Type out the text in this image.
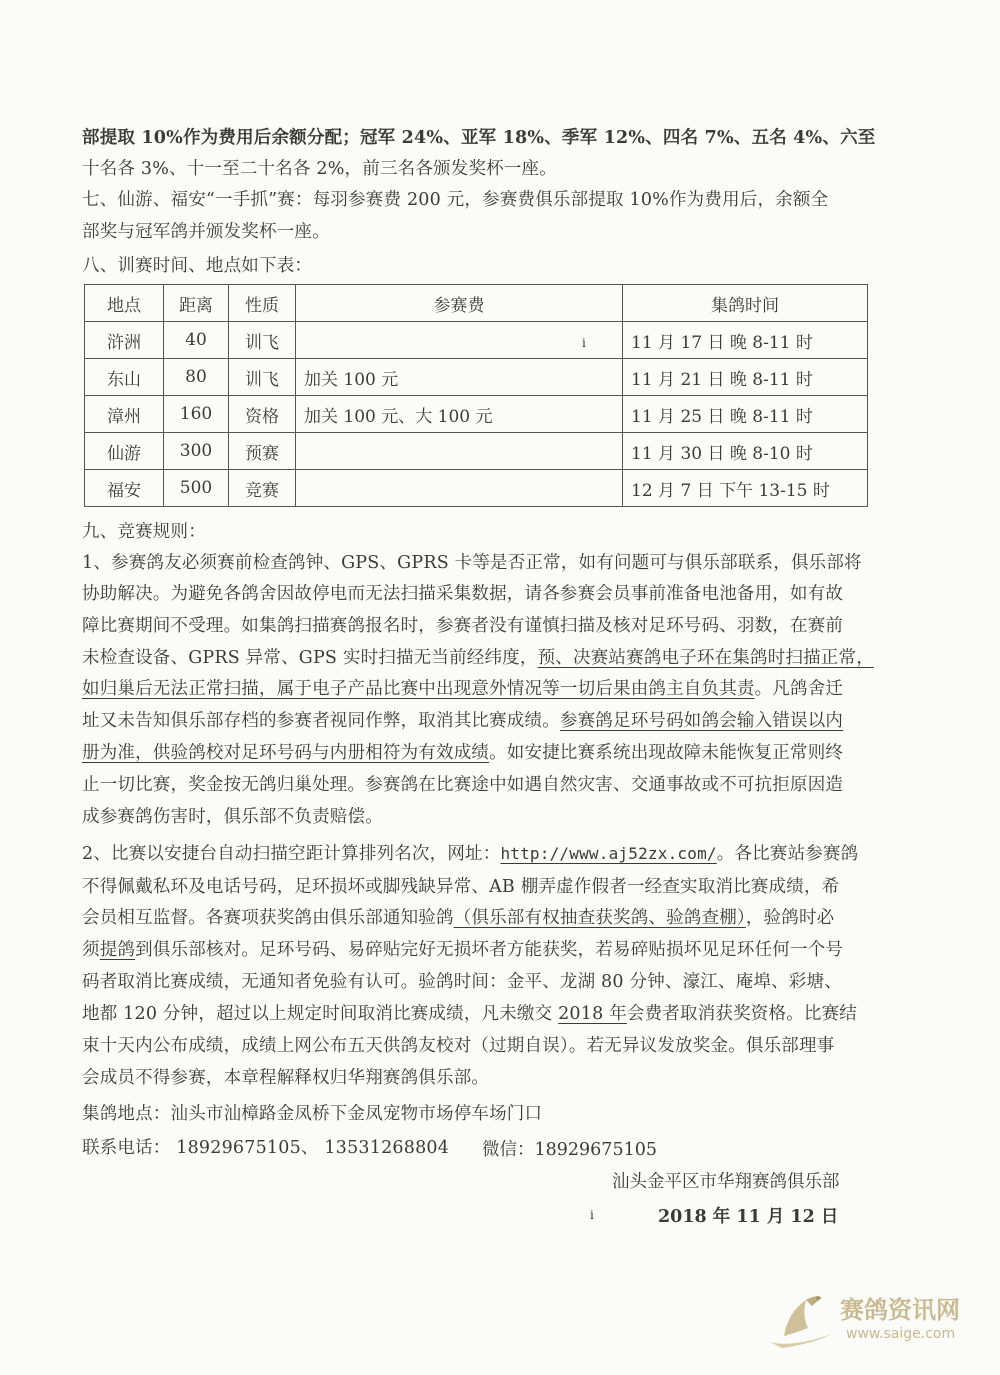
部提取 10%作为费用后余额分配；冠军 24%、亚军 18%、季军 12%、四名 7%、五名 4%、六至
十名各 3%、十一至二十名各 2%，前三名各颁发奖杯一座。
七、仙游、福安“一手抓”赛：每羽参赛费 200 元，参赛费俱乐部提取 10%作为费用后，余额全
部奖与冠军鸽并颁发奖杯一座。
八、训赛时间、地点如下表：
地点	距离	性质	参赛费	集鸽时间
浒洲	40	训飞		11 月 17 日 晚 8-11 时
东山	80	训飞	加关 100 元	11 月 21 日 晚 8-11 时
漳州	160	资格	加关 100 元、大 100 元	11 月 25 日 晚 8-11 时
仙游	300	预赛		11 月 30 日 晚 8-10 时
福安	500	竞赛		12 月 7 日 下午 13-15 时
ⅰ
九、竞赛规则：
1、参赛鸽友必须赛前检查鸽钟、GPS、GPRS 卡等是否正常，如有问题可与俱乐部联系，俱乐部将
协助解决。为避免各鸽舍因故停电而无法扫描采集数据，请各参赛会员事前准备电池备用，如有故
障比赛期间不受理。如集鸽扫描赛鸽报名时，参赛者没有谨慎扫描及核对足环号码、羽数，在赛前
未检查设备、GPRS 异常、GPS 实时扫描无当前经纬度，预、决赛站赛鸽电子环在集鸽时扫描正常，
如归巢后无法正常扫描，属于电子产品比赛中出现意外情况等一切后果由鸽主自负其责。凡鸽舍迁
址又未告知俱乐部存档的参赛者视同作弊，取消其比赛成绩。参赛鸽足环号码如鸽会输入错误以内
册为准，供验鸽校对足环号码与内册相符为有效成绩。如安捷比赛系统出现故障未能恢复正常则终
止一切比赛，奖金按无鸽归巢处理。参赛鸽在比赛途中如遇自然灾害、交通事故或不可抗拒原因造
成参赛鸽伤害时，俱乐部不负责赔偿。
2、比赛以安捷台自动扫描空距计算排列名次，网址：http://www.aj52zx.com/。各比赛站参赛鸽
不得佩戴私环及电话号码，足环损坏或脚残缺异常、AB 棚弄虚作假者一经查实取消比赛成绩，希
会员相互监督。各赛项获奖鸽由俱乐部通知验鸽（俱乐部有权抽查获奖鸽、验鸽查棚），验鸽时必
须提鸽到俱乐部核对。足环号码、易碎贴完好无损坏者方能获奖，若易碎贴损坏见足环任何一个号
码者取消比赛成绩，无通知者免验有认可。验鸽时间：金平、龙湖 80 分钟、濠江、庵埠、彩塘、
地都 120 分钟，超过以上规定时间取消比赛成绩，凡未缴交 2018 年会费者取消获奖资格。比赛结
束十天内公布成绩，成绩上网公布五天供鸽友校对（过期自误）。若无异议发放奖金。俱乐部理事
会成员不得参赛，本章程解释权归华翔赛鸽俱乐部。
集鸽地点：汕头市汕樟路金凤桥下金凤宠物市场停车场门口
联系电话： 18929675105、 13531268804 微信：18929675105
汕头金平区市华翔赛鸽俱乐部
ⅰ	2018 年 11 月 12 日
赛鸽资讯网
www.saige.com
